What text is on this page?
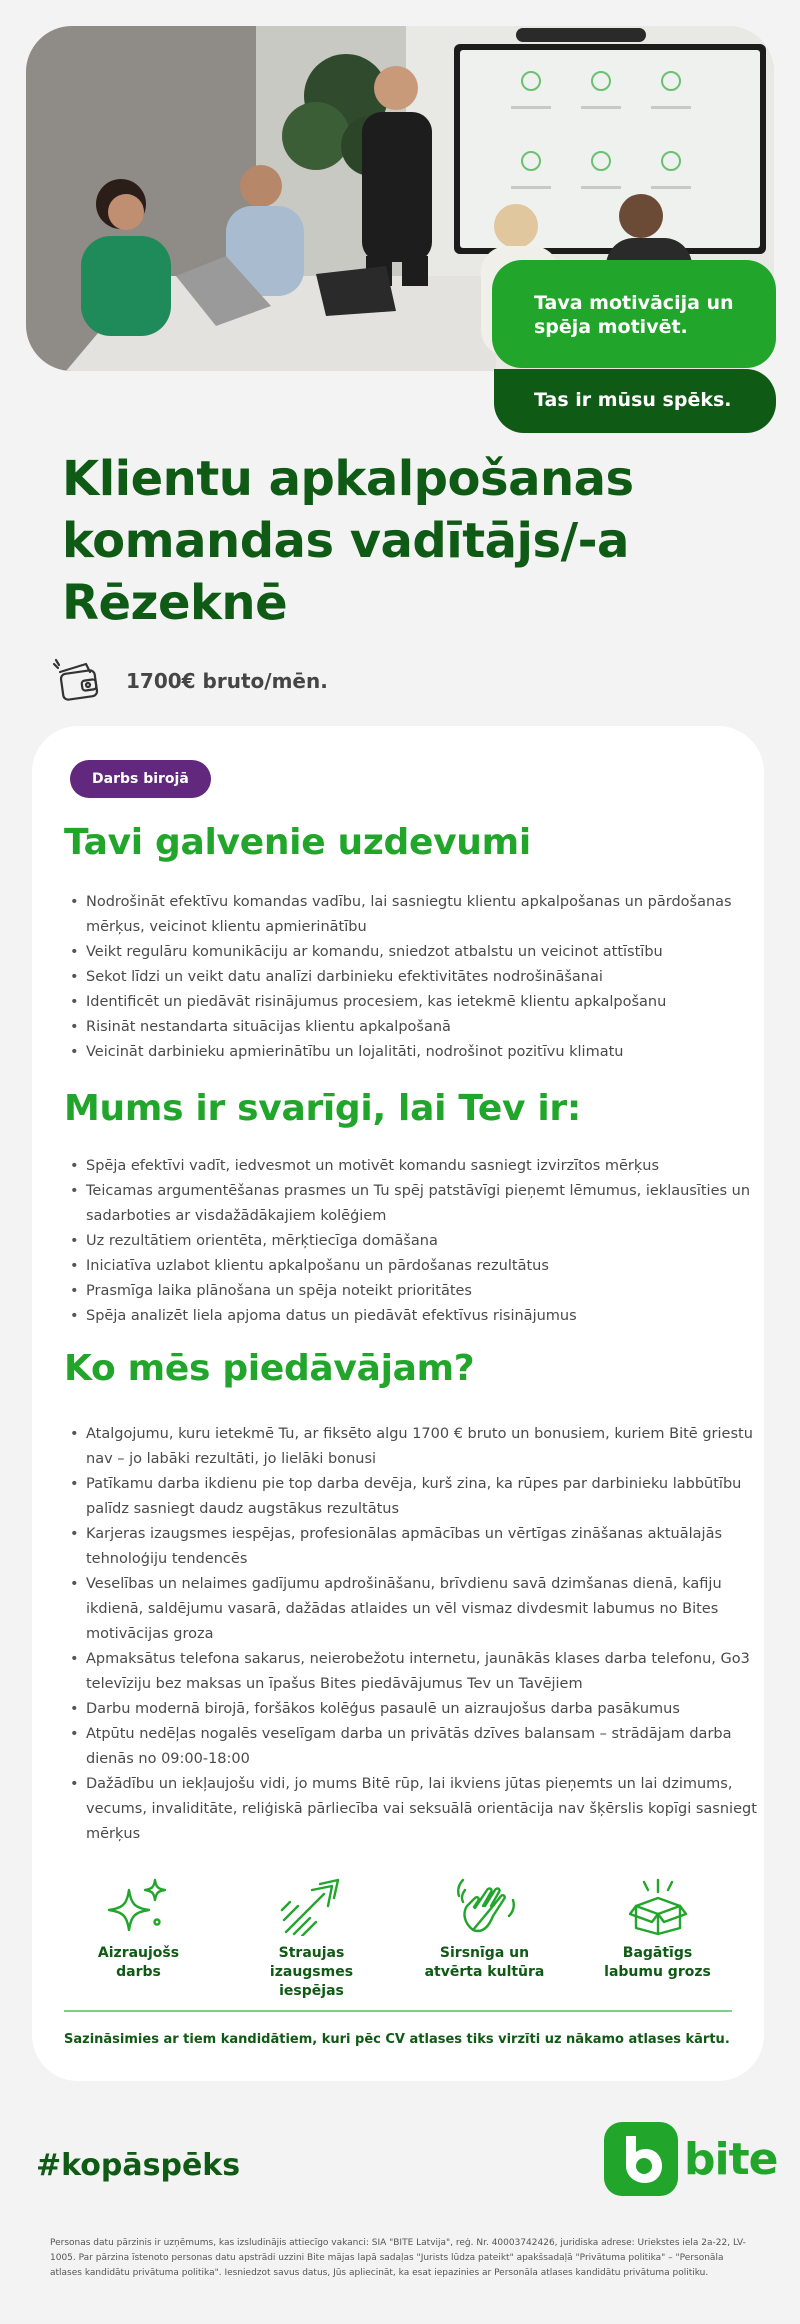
Tava motivācija un spēja motivēt.
Tas ir mūsu spēks.
Klientu apkalpošanas komandas vadītājs/-a Rēzeknē
1700€ bruto/mēn.
Darbs birojā
Tavi galvenie uzdevumi
• Nodrošināt efektīvu komandas vadību, lai sasniegtu klientu apkalpošanas un pārdošanas mērķus, veicinot klientu apmierinātību
• Veikt regulāru komunikāciju ar komandu, sniedzot atbalstu un veicinot attīstību
• Sekot līdzi un veikt datu analīzi darbinieku efektivitātes nodrošināšanai
• Identificēt un piedāvāt risinājumus procesiem, kas ietekmē klientu apkalpošanu
• Risināt nestandarta situācijas klientu apkalpošanā
• Veicināt darbinieku apmierinātību un lojalitāti, nodrošinot pozitīvu klimatu
Mums ir svarīgi, lai Tev ir:
• Spēja efektīvi vadīt, iedvesmot un motivēt komandu sasniegt izvirzītos mērķus
• Teicamas argumentēšanas prasmes un Tu spēj patstāvīgi pieņemt lēmumus, ieklausīties un sadarboties ar visdažādākajiem kolēģiem
• Uz rezultātiem orientēta, mērķtiecīga domāšana
• Iniciatīva uzlabot klientu apkalpošanu un pārdošanas rezultātus
• Prasmīga laika plānošana un spēja noteikt prioritātes
• Spēja analizēt liela apjoma datus un piedāvāt efektīvus risinājumus
Ko mēs piedāvājam?
• Atalgojumu, kuru ietekmē Tu, ar fiksēto algu 1700 € bruto un bonusiem, kuriem Bitē griestu nav – jo labāki rezultāti, jo lielāki bonusi
• Patīkamu darba ikdienu pie top darba devēja, kurš zina, ka rūpes par darbinieku labbūtību palīdz sasniegt daudz augstākus rezultātus
• Karjeras izaugsmes iespējas, profesionālas apmācības un vērtīgas zināšanas aktuālajās tehnoloģiju tendencēs
• Veselības un nelaimes gadījumu apdrošināšanu, brīvdienu savā dzimšanas dienā, kafiju ikdienā, saldējumu vasarā, dažādas atlaides un vēl vismaz divdesmit labumus no Bites motivācijas groza
• Apmaksātus telefona sakarus, neierobežotu internetu, jaunākās klases darba telefonu, Go3 televīziju bez maksas un īpašus Bites piedāvājumus Tev un Tavējiem
• Darbu modernā birojā, foršākos kolēģus pasaulē un aizraujošus darba pasākumus
• Atpūtu nedēļas nogalēs veselīgam darba un privātās dzīves balansam – strādājam darba dienās no 09:00-18:00
• Dažādību un iekļaujošu vidi, jo mums Bitē rūp, lai ikviens jūtas pieņemts un lai dzimums, vecums, invaliditāte, reliģiskā pārliecība vai seksuālā orientācija nav šķērslis kopīgi sasniegt mērķus
Aizraujošs
darbs
Straujas
izaugsmes iespējas
Sirsnīga un
atvērta kultūra
Bagātīgs
labumu grozs

Sazināsimies ar tiem kandidātiem, kuri pēc CV atlases tiks virzīti uz nākamo atlases kārtu.

#kopāspēks	bite

Personas datu pārzinis ir uzņēmums, kas izsludinājis attiecīgo vakanci: SIA "BITE Latvija", reģ. Nr. 40003742426, juridiska adrese: Uriekstes iela 2a-22, LV-1005. Par pārzina īstenoto personas datu apstrādi uzzini Bite mājas lapā sadaļas "Jurists lūdza pateikt" apakšsadaļā "Privātuma politika" – "Personāla atlases kandidātu privātuma politika". Iesniedzot savus datus, Jūs apliecināt, ka esat iepazinies ar Personāla atlases kandidātu privātuma politiku.
